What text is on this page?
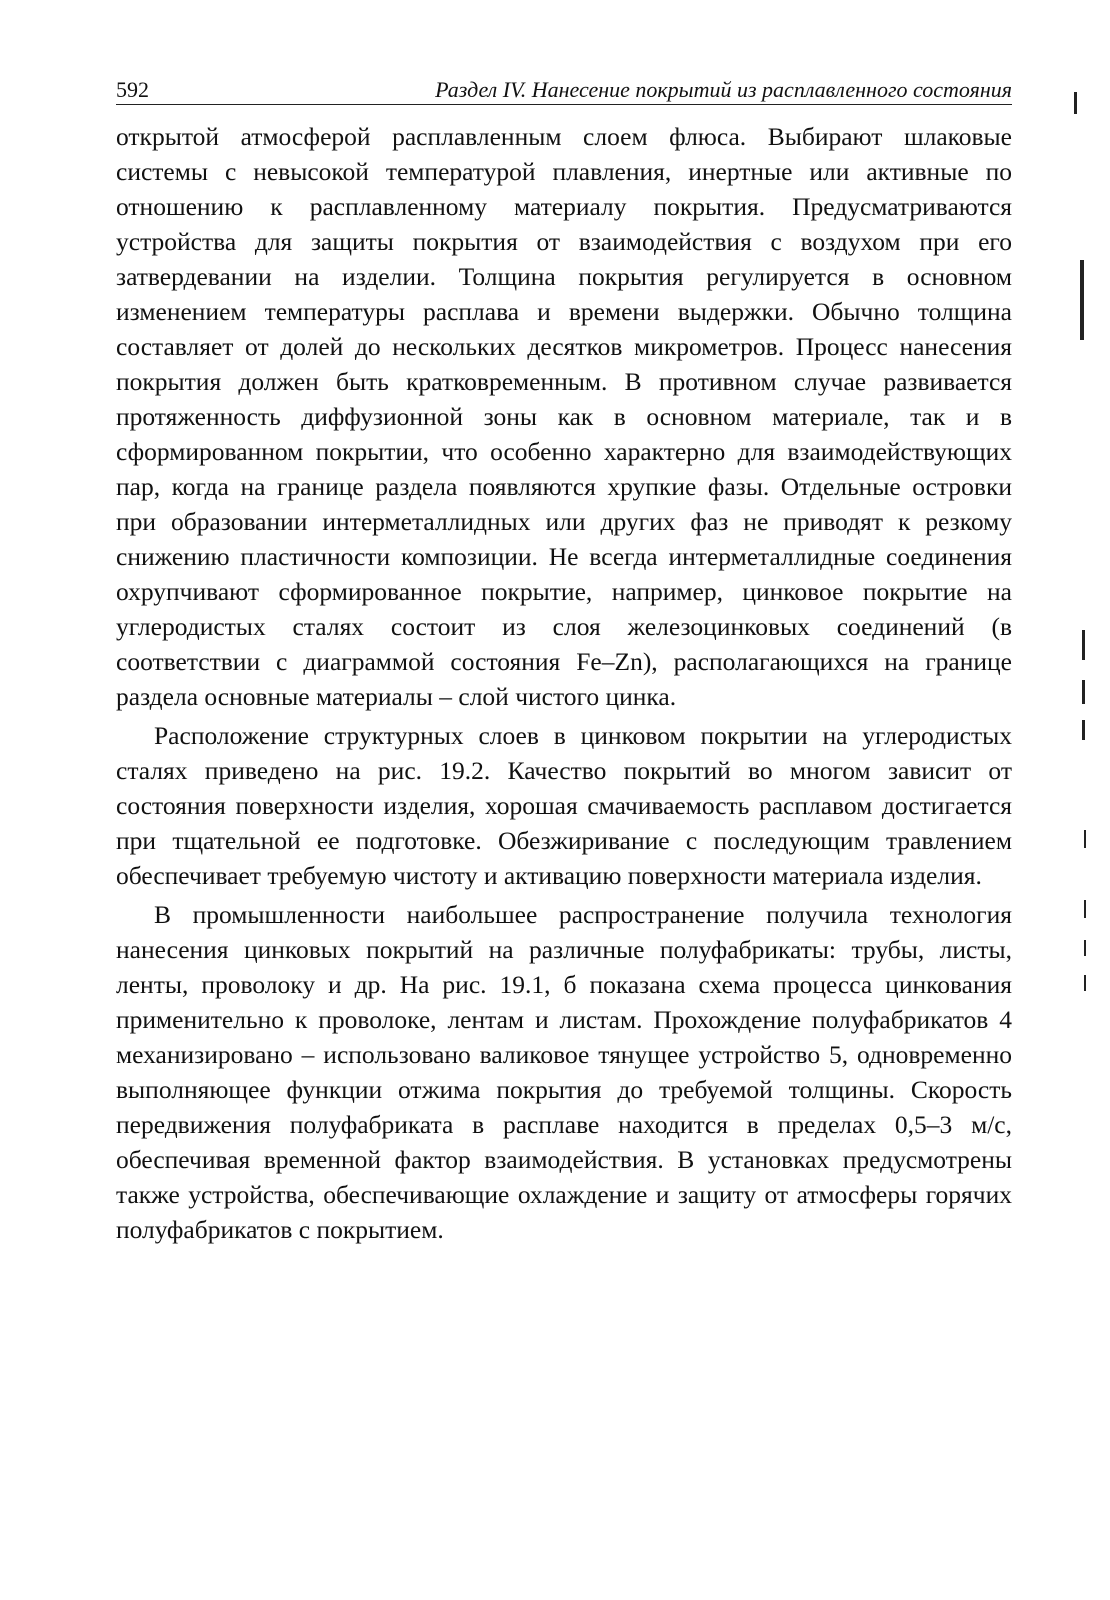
592	Раздел IV. Нанесение покрытий из расплавленного состояния

открытой атмосферой расплавленным слоем флюса. Выбирают шлаковые системы с невысокой температурой плавления, инертные или активные по отношению к расплавленному материалу покрытия. Предусматриваются устройства для защиты покрытия от взаимодействия с воздухом при его затвердевании на изделии. Толщина покрытия регулируется в основном изменением температуры расплава и времени выдержки. Обычно толщина составляет от долей до нескольких десятков микрометров. Процесс нанесения покрытия должен быть кратковременным. В противном случае развивается протяженность диффузионной зоны как в основном материале, так и в сформированном покрытии, что особенно характерно для взаимодействующих пар, когда на границе раздела появляются хрупкие фазы. Отдельные островки при образовании интерметаллидных или других фаз не приводят к резкому снижению пластичности композиции. Не всегда интерметаллидные соединения охрупчивают сформированное покрытие, например, цинковое покрытие на углеродистых сталях состоит из слоя железоцинковых соединений (в соответствии с диаграммой состояния Fe–Zn), располагающихся на границе раздела основные материалы – слой чистого цинка.

Расположение структурных слоев в цинковом покрытии на углеродистых сталях приведено на рис. 19.2. Качество покрытий во многом зависит от состояния поверхности изделия, хорошая смачиваемость расплавом достигается при тщательной ее подготовке. Обезжиривание с последующим травлением обеспечивает требуемую чистоту и активацию поверхности материала изделия.

В промышленности наибольшее распространение получила технология нанесения цинковых покрытий на различные полуфабрикаты: трубы, листы, ленты, проволоку и др. На рис. 19.1, б показана схема процесса цинкования применительно к проволоке, лентам и листам. Прохождение полуфабрикатов 4 механизировано – использовано валиковое тянущее устройство 5, одновременно выполняющее функции отжима покрытия до требуемой толщины. Скорость передвижения полуфабриката в расплаве находится в пределах 0,5–3 м/с, обеспечивая временной фактор взаимодействия. В установках предусмотрены также устройства, обеспечивающие охлаждение и защиту от атмосферы горячих полуфабрикатов с покрытием.
